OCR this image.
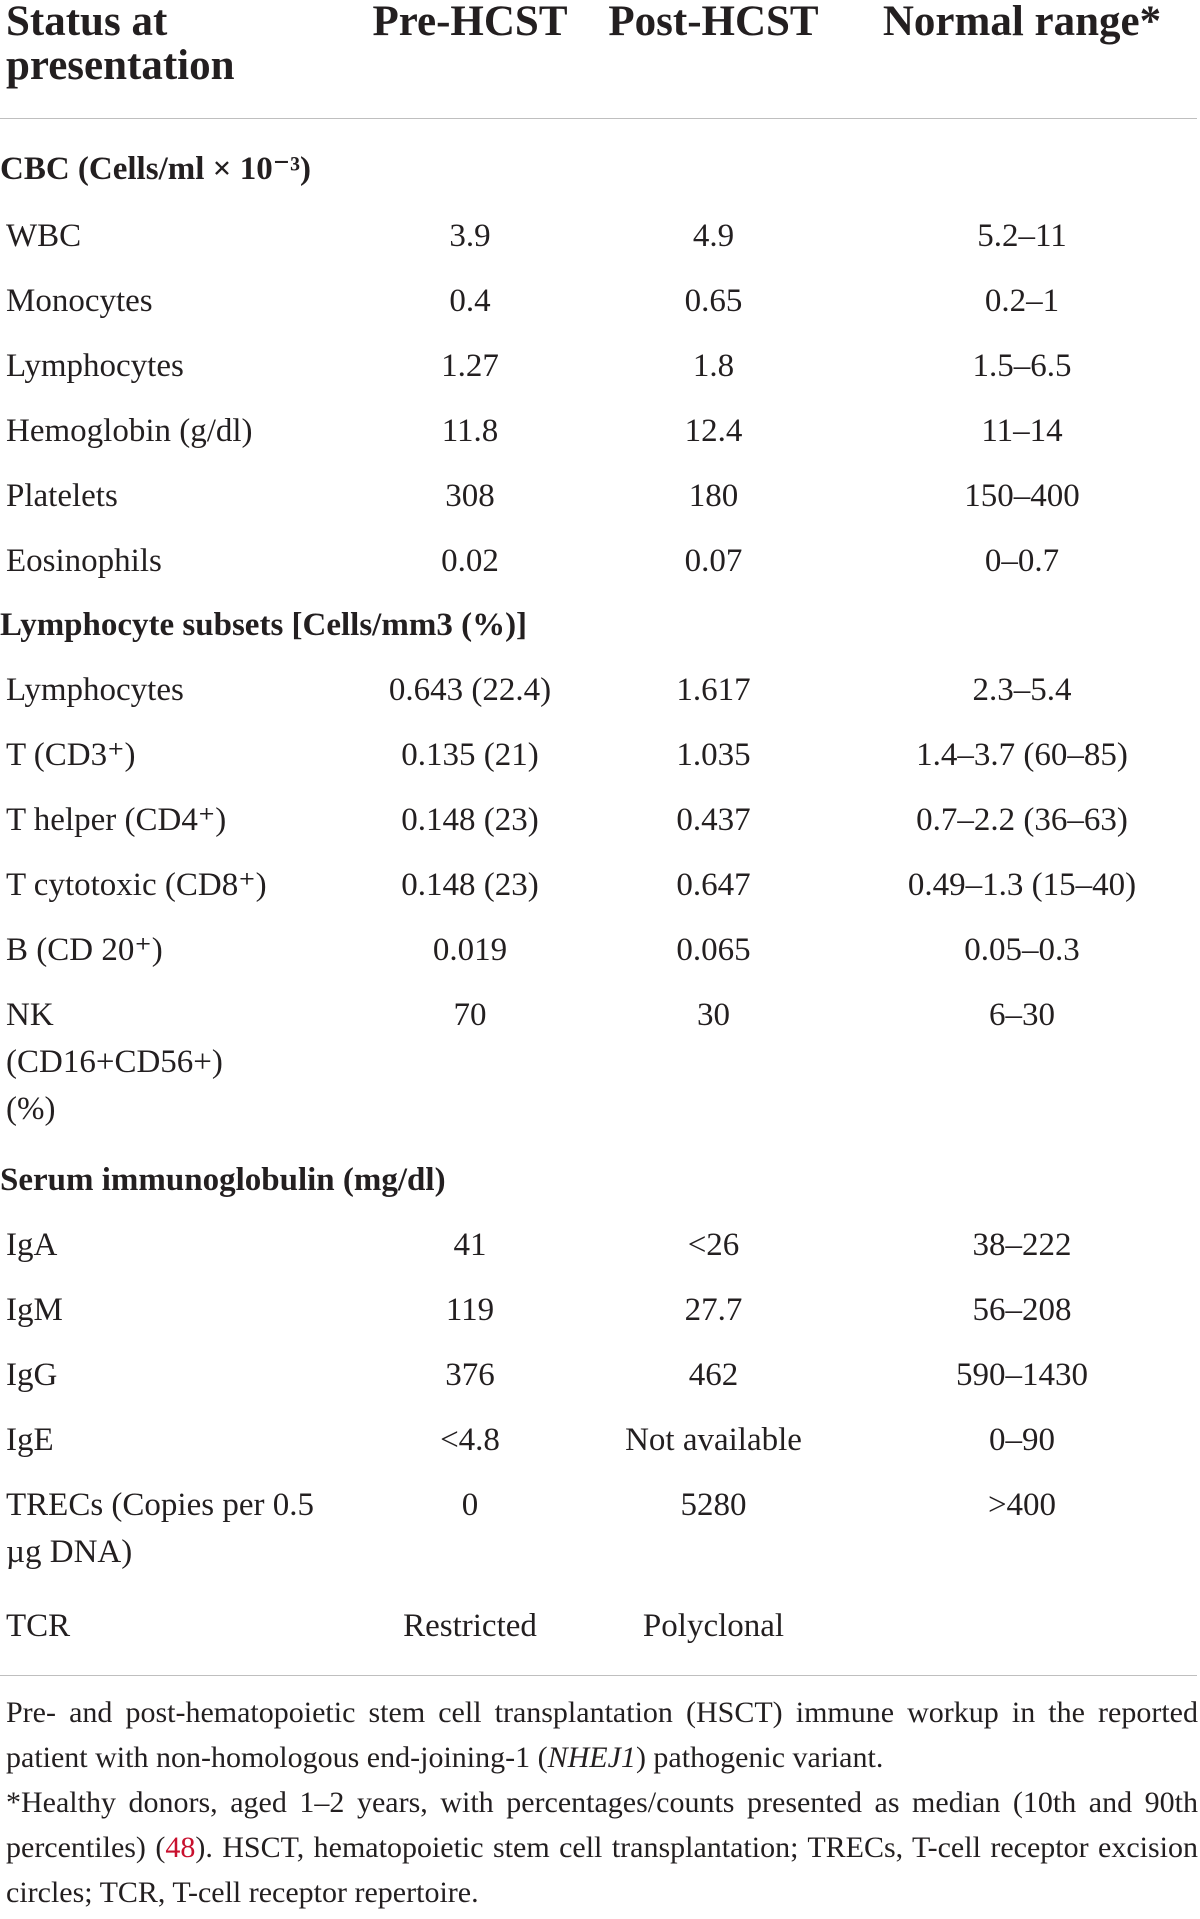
Status at presentation	Pre-HCST	Post-HCST	Normal range*
CBC (Cells/ml × 10⁻³)			
WBC	3.9	4.9	5.2–11
Monocytes	0.4	0.65	0.2–1
Lymphocytes	1.27	1.8	1.5–6.5
Hemoglobin (g/dl)	11.8	12.4	11–14
Platelets	308	180	150–400
Eosinophils	0.02	0.07	0–0.7
Lymphocyte subsets [Cells/mm3 (%)]			
Lymphocytes	0.643 (22.4)	1.617	2.3–5.4
T (CD3⁺)	0.135 (21)	1.035	1.4–3.7 (60–85)
T helper (CD4⁺)	0.148 (23)	0.437	0.7–2.2 (36–63)
T cytotoxic (CD8⁺)	0.148 (23)	0.647	0.49–1.3 (15–40)
B (CD 20⁺)	0.019	0.065	0.05–0.3
NK (CD16+CD56+) (%)	70	30	6–30
Serum immunoglobulin (mg/dl)			
IgA	41	<26	38–222
IgM	119	27.7	56–208
IgG	376	462	590–1430
IgE	<4.8	Not available	0–90
TRECs (Copies per 0.5 µg DNA)	0	5280	>400
TCR	Restricted	Polyclonal	

Pre- and post-hematopoietic stem cell transplantation (HSCT) immune workup in the reported patient with non-homologous end-joining-1 (NHEJ1) pathogenic variant.

*Healthy donors, aged 1–2 years, with percentages/counts presented as median (10th and 90th percentiles) (48). HSCT, hematopoietic stem cell transplantation; TRECs, T-cell receptor excision circles; TCR, T-cell receptor repertoire.
